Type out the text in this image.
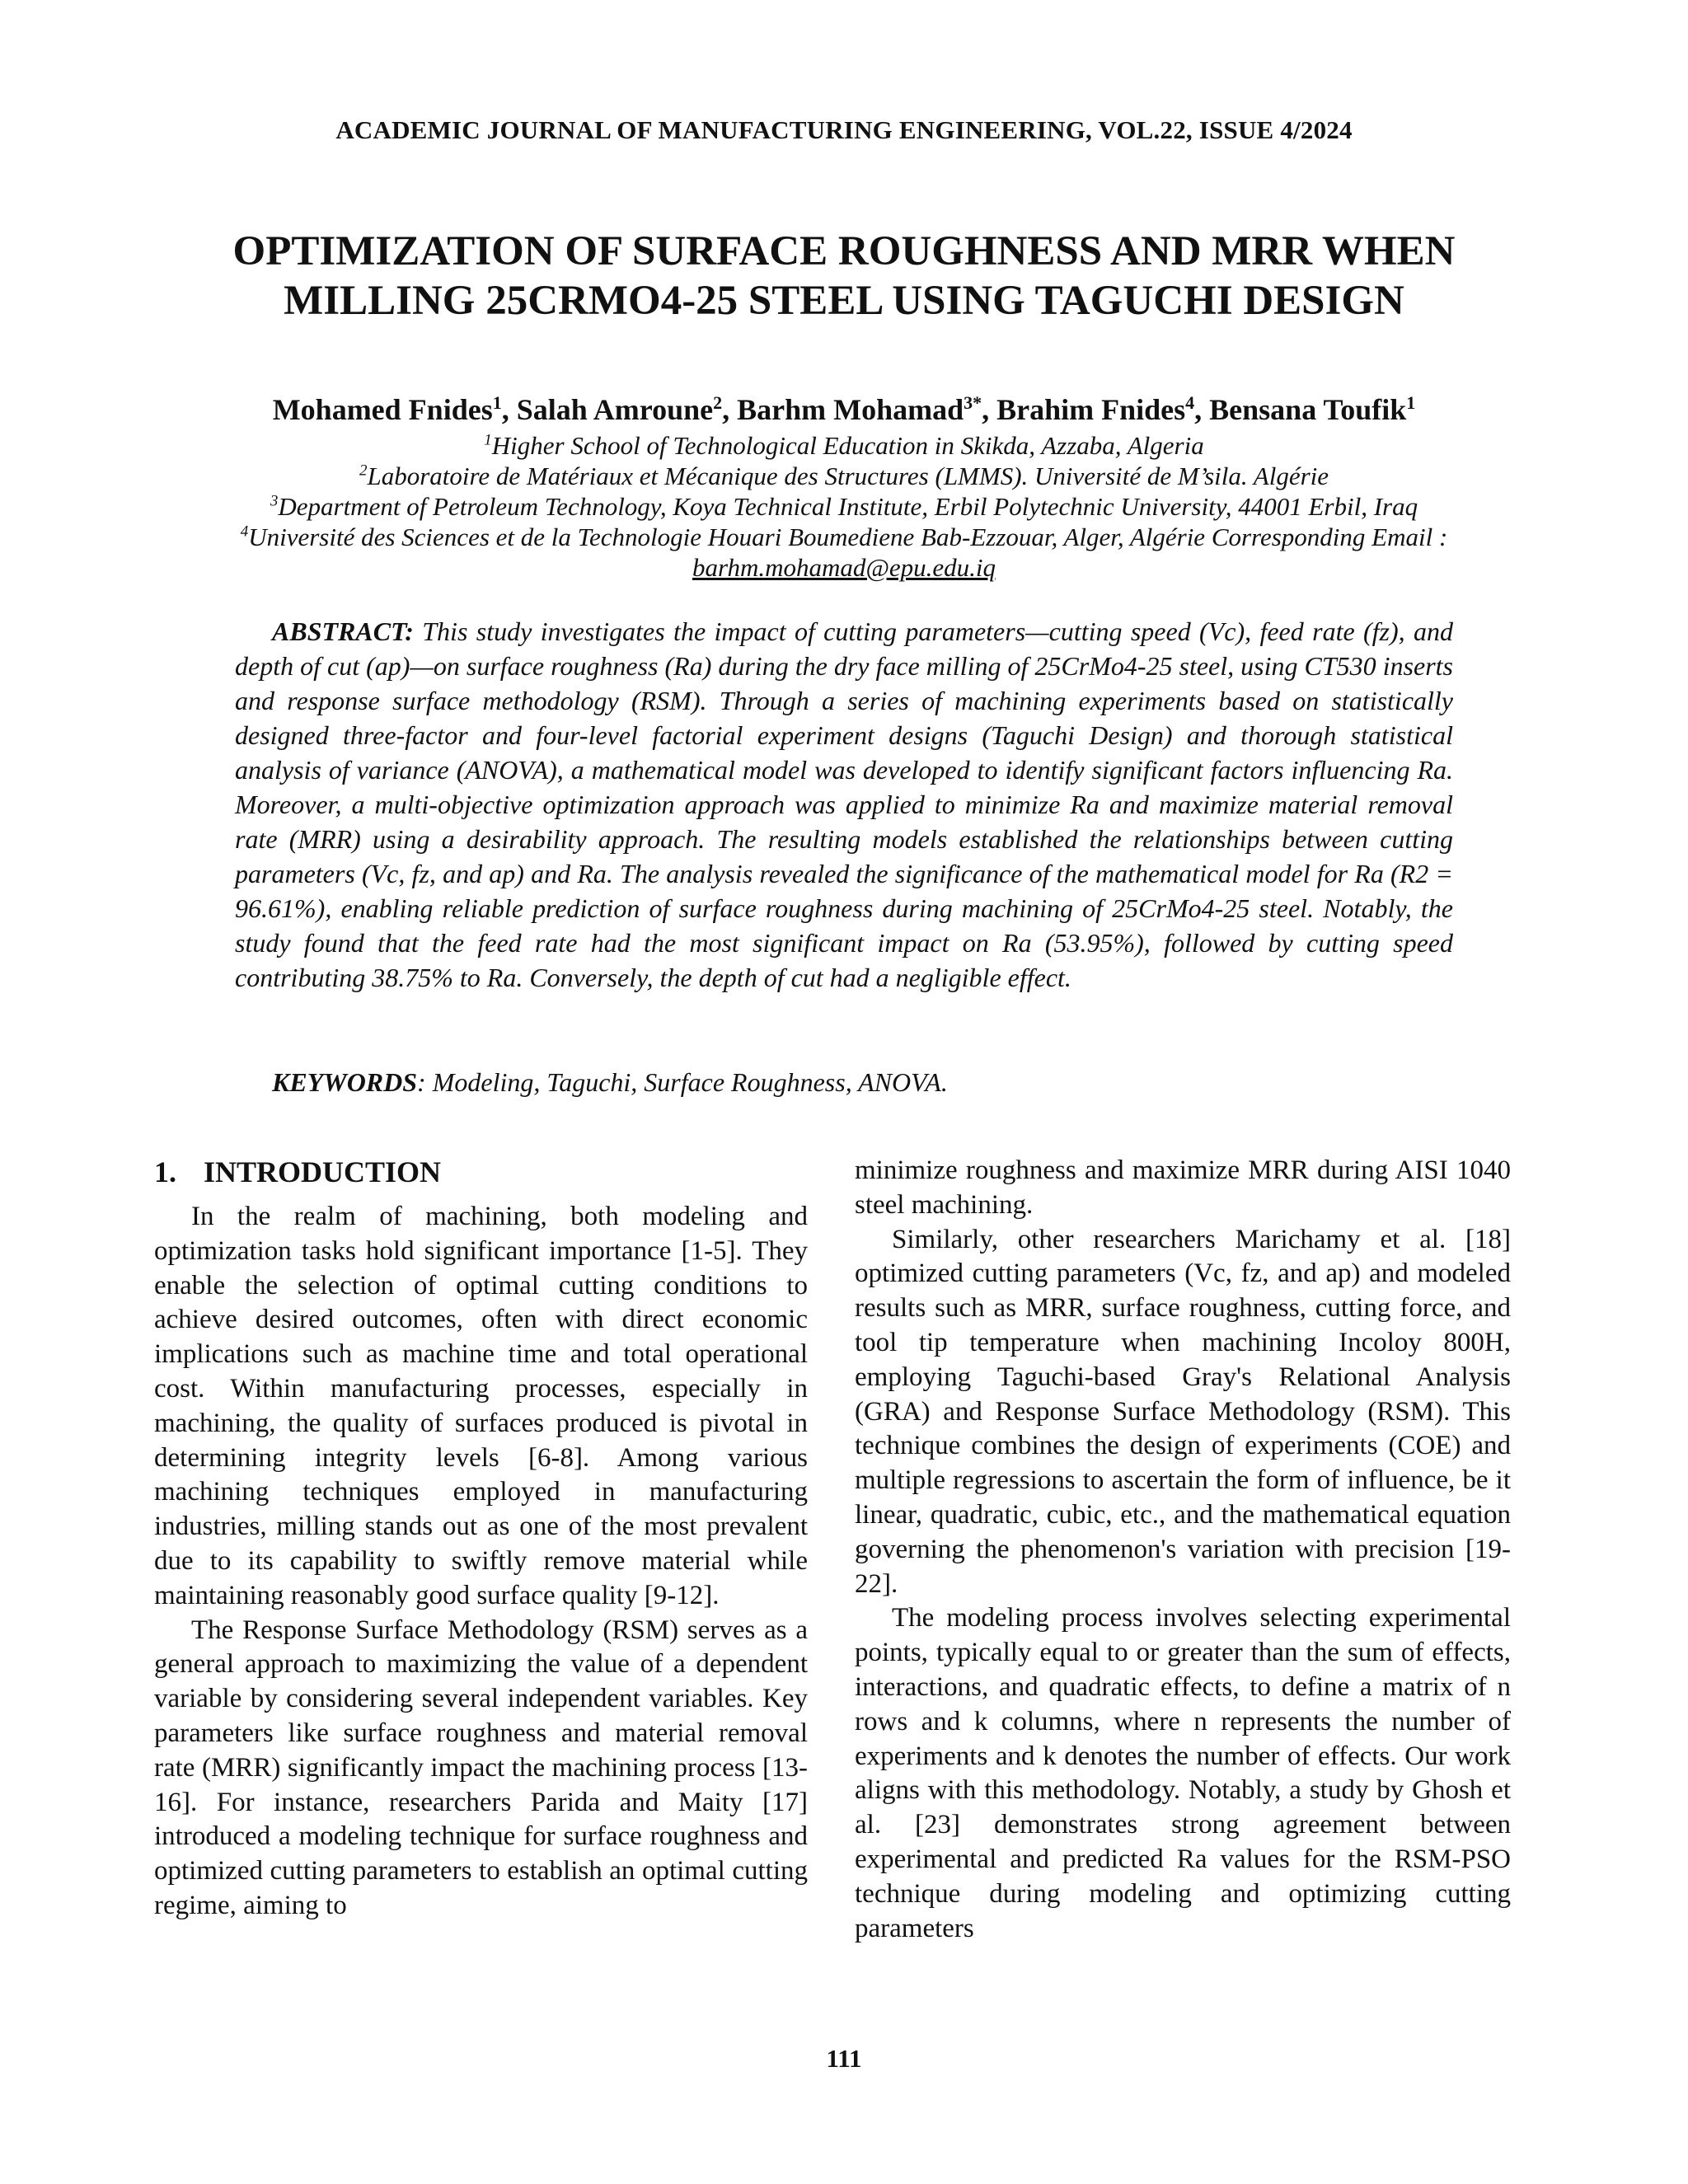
ACADEMIC JOURNAL OF MANUFACTURING ENGINEERING, VOL.22, ISSUE 4/2024
OPTIMIZATION OF SURFACE ROUGHNESS AND MRR WHEN
MILLING 25CRMO4-25 STEEL USING TAGUCHI DESIGN
Mohamed Fnides$^1$, Salah Amroune$^2$, Barhm Mohamad$^{3*}$, Brahim Fnides$^4$, Bensana Toufik$^1$
$^1$Higher School of Technological Education in Skikda, Azzaba, Algeria
$^2$Laboratoire de Matériaux et Mécanique des Structures (LMMS). Université de M’sila. Algérie
$^3$Department of Petroleum Technology, Koya Technical Institute, Erbil Polytechnic University, 44001 Erbil, Iraq
$^4$Université des Sciences et de la Technologie Houari Boumediene Bab-Ezzouar, Alger, Algérie Corresponding Email :
barhm.mohamad@epu.edu.iq

ABSTRACT: This study investigates the impact of cutting parameters—cutting speed (Vc), feed rate (fz), and depth of cut (ap)—on surface roughness (Ra) during the dry face milling of 25CrMo4-25 steel, using CT530 inserts and response surface methodology (RSM). Through a series of machining experiments based on statistically designed three-factor and four-level factorial experiment designs (Taguchi Design) and thorough statistical analysis of variance (ANOVA), a mathematical model was developed to identify significant factors influencing Ra. Moreover, a multi-objective optimization approach was applied to minimize Ra and maximize material removal rate (MRR) using a desirability approach. The resulting models established the relationships between cutting parameters (Vc, fz, and ap) and Ra. The analysis revealed the significance of the mathematical model for Ra (R2 = 96.61%), enabling reliable prediction of surface roughness during machining of 25CrMo4-25 steel. Notably, the study found that the feed rate had the most significant impact on Ra (53.95%), followed by cutting speed contributing 38.75% to Ra. Conversely, the depth of cut had a negligible effect.

KEYWORDS: Modeling, Taguchi, Surface Roughness, ANOVA.
1. INTRODUCTION

In the realm of machining, both modeling and optimization tasks hold significant importance [1-5]. They enable the selection of optimal cutting conditions to achieve desired outcomes, often with direct economic implications such as machine time and total operational cost. Within manufacturing processes, especially in machining, the quality of surfaces produced is pivotal in determining integrity levels [6-8]. Among various machining techniques employed in manufacturing industries, milling stands out as one of the most prevalent due to its capability to swiftly remove material while maintaining reasonably good surface quality [9-12].

The Response Surface Methodology (RSM) serves as a general approach to maximizing the value of a dependent variable by considering several independent variables. Key parameters like surface roughness and material removal rate (MRR) significantly impact the machining process [13-16]. For instance, researchers Parida and Maity [17] introduced a modeling technique for surface roughness and optimized cutting parameters to establish an optimal cutting regime, aiming to

minimize roughness and maximize MRR during AISI 1040 steel machining.

Similarly, other researchers Marichamy et al. [18] optimized cutting parameters (Vc, fz, and ap) and modeled results such as MRR, surface roughness, cutting force, and tool tip temperature when machining Incoloy 800H, employing Taguchi-based Gray's Relational Analysis (GRA) and Response Surface Methodology (RSM). This technique combines the design of experiments (COE) and multiple regressions to ascertain the form of influence, be it linear, quadratic, cubic, etc., and the mathematical equation governing the phenomenon's variation with precision [19-22].

The modeling process involves selecting experimental points, typically equal to or greater than the sum of effects, interactions, and quadratic effects, to define a matrix of n rows and k columns, where n represents the number of experiments and k denotes the number of effects. Our work aligns with this methodology. Notably, a study by Ghosh et al. [23] demonstrates strong agreement between experimental and predicted Ra values for the RSM-PSO technique during modeling and optimizing cutting parameters

111
